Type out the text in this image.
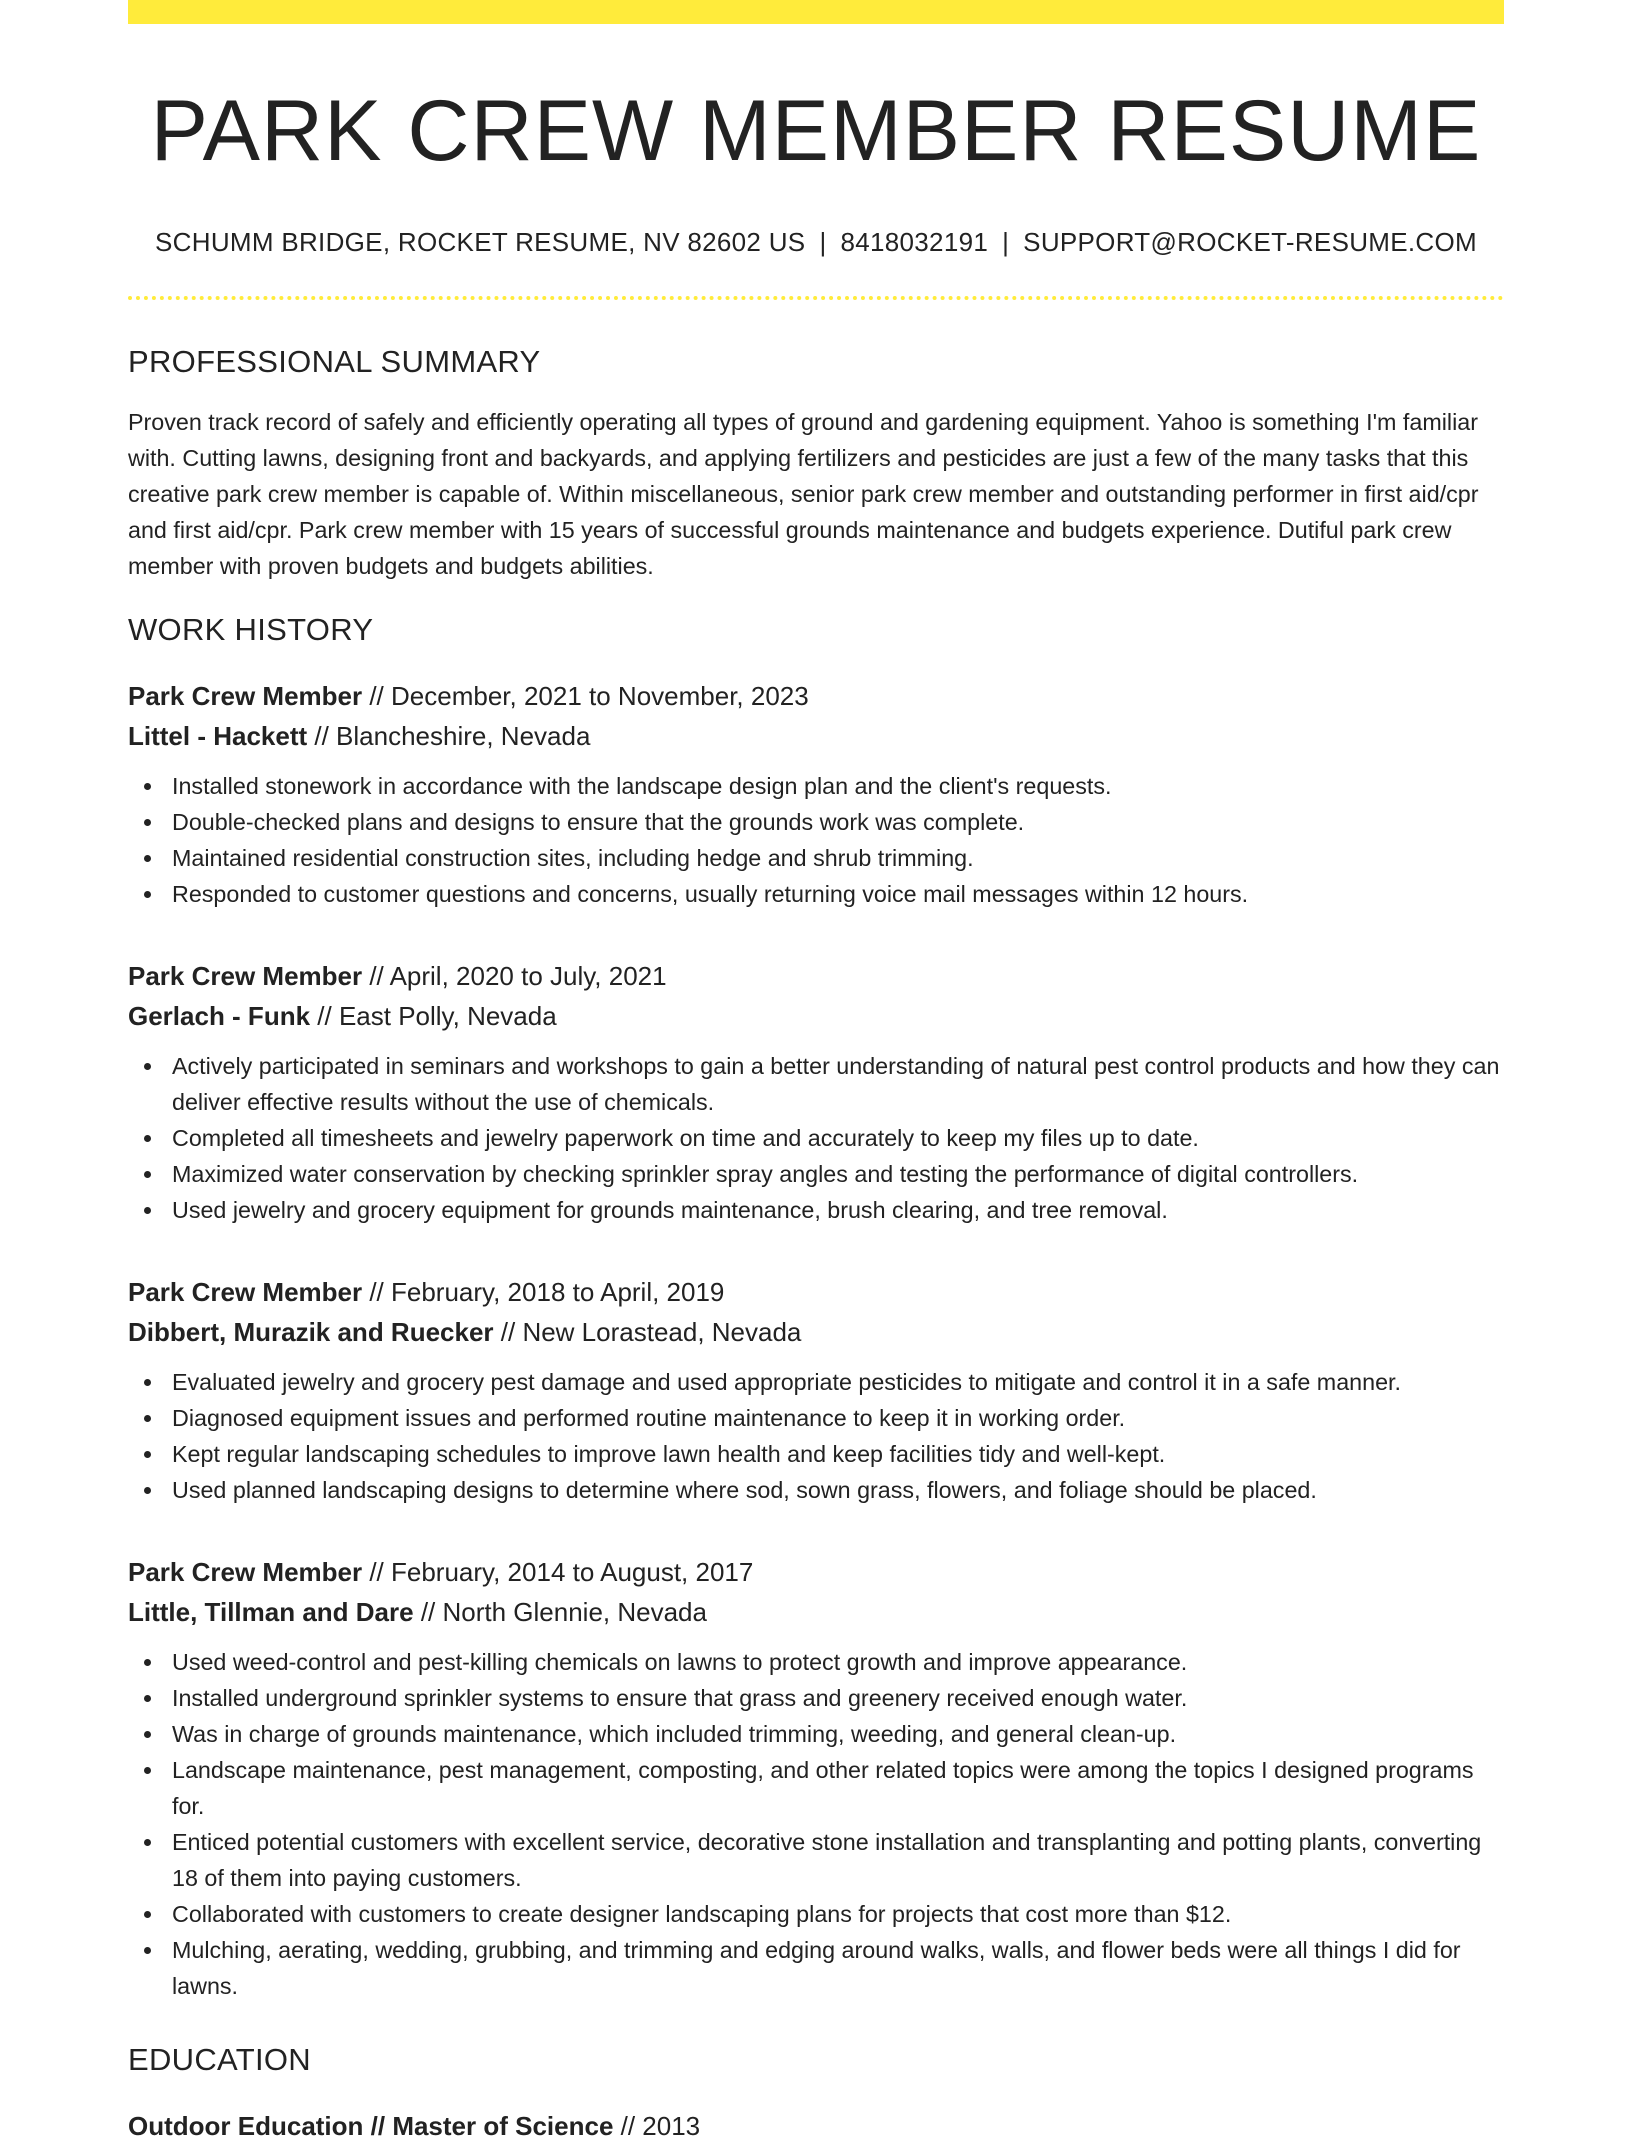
PARK CREW MEMBER RESUME
SCHUMM BRIDGE, ROCKET RESUME, NV 82602 US | 8418032191 | SUPPORT@ROCKET-RESUME.COM
PROFESSIONAL SUMMARY

Proven track record of safely and efficiently operating all types of ground and gardening equipment. Yahoo is something I'm familiar with. Cutting lawns, designing front and backyards, and applying fertilizers and pesticides are just a few of the many tasks that this creative park crew member is capable of. Within miscellaneous, senior park crew member and outstanding performer in first aid/cpr and first aid/cpr. Park crew member with 15 years of successful grounds maintenance and budgets experience. Dutiful park crew member with proven budgets and budgets abilities.

WORK HISTORY
Park Crew Member // December, 2021 to November, 2023
Littel - Hackett // Blancheshire, Nevada
Installed stonework in accordance with the landscape design plan and the client's requests.
Double-checked plans and designs to ensure that the grounds work was complete.
Maintained residential construction sites, including hedge and shrub trimming.
Responded to customer questions and concerns, usually returning voice mail messages within 12 hours.
Park Crew Member // April, 2020 to July, 2021
Gerlach - Funk // East Polly, Nevada
Actively participated in seminars and workshops to gain a better understanding of natural pest control products and how they can deliver effective results without the use of chemicals.
Completed all timesheets and jewelry paperwork on time and accurately to keep my files up to date.
Maximized water conservation by checking sprinkler spray angles and testing the performance of digital controllers.
Used jewelry and grocery equipment for grounds maintenance, brush clearing, and tree removal.
Park Crew Member // February, 2018 to April, 2019
Dibbert, Murazik and Ruecker // New Lorastead, Nevada
Evaluated jewelry and grocery pest damage and used appropriate pesticides to mitigate and control it in a safe manner.
Diagnosed equipment issues and performed routine maintenance to keep it in working order.
Kept regular landscaping schedules to improve lawn health and keep facilities tidy and well-kept.
Used planned landscaping designs to determine where sod, sown grass, flowers, and foliage should be placed.
Park Crew Member // February, 2014 to August, 2017
Little, Tillman and Dare // North Glennie, Nevada
Used weed-control and pest-killing chemicals on lawns to protect growth and improve appearance.
Installed underground sprinkler systems to ensure that grass and greenery received enough water.
Was in charge of grounds maintenance, which included trimming, weeding, and general clean-up.
Landscape maintenance, pest management, composting, and other related topics were among the topics I designed programs for.
Enticed potential customers with excellent service, decorative stone installation and transplanting and potting plants, converting 18 of them into paying customers.
Collaborated with customers to create designer landscaping plans for projects that cost more than $12.
Mulching, aerating, wedding, grubbing, and trimming and edging around walks, walls, and flower beds were all things I did for lawns.
EDUCATION
Outdoor Education // Master of Science // 2013
